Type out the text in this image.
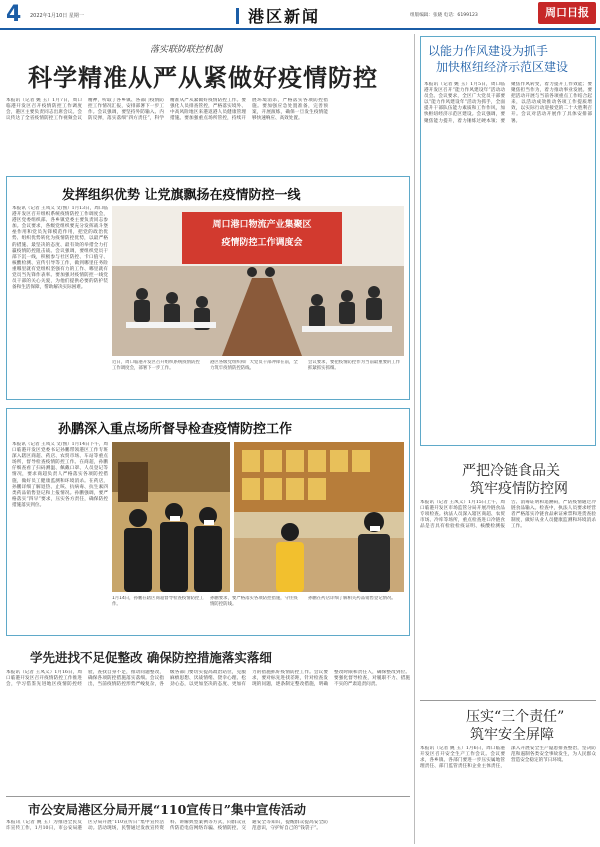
4 2022年1月10日 星期一	港区新闻	组版编辑：张晓 电话：6199123	周口日报
落实联防联控机制
科学精准从严从紧做好疫情防控
本报讯（记者 姚 玉）1月7日，周口临港开发区召开疫情防控工作调度会，港区主要负责同志出席会议。会议传达了全省疫情防控工作视频会议精神，听取了各乡镇、各部门疫情防控工作情况汇报，安排部署下一步工作。会议强调，要坚持外防输入、内防反弹，落实落细“四方责任”，科学精准从严从紧做好疫情防控工作。要强化人员排查管控，严格落实境外、中高风险地区来港返港人员健康管理措施。要加强重点场所管控，持续开展环境消杀，严格落实各项防控措施。要加强应急处置准备，完善预案，开展演练，确保一旦发生疫情能够快速响应、高效处置。
发挥组织优势 让党旗飘扬在疫情防控一线
本报讯（记者 王凤义 文/图）1月13日，周口临港开发区召开组织系统疫情防控工作调度会，港区党委组织部、各乡镇党委主要负责同志参加。会议要求，各级党组织要充分发挥战斗堡垒作用和党员先锋模范作用，把党的政治优势、组织优势转化为疫情防控优势，以最严格的措施、最坚决的态度、最有效的举措全力打赢疫情防控阻击战。会议强调，要组织党员干部下沉一线，积极参与社区防控、卡口值守、核酸检测、宣传引导等工作，做到哪里任务险重哪里就有党组织坚强有力的工作、哪里就有党员当先锋作表率。要加强对疫情防控一线党员干部的关心关爱，为他们提供必要的防护装备和生活保障，帮助解决实际困难。
周口港口物流产业集聚区
疫情防控工作调度会
近日，周口临港开发区召开组织系统疫情防控工作调度会，部署下一步工作。
港区各级党组织和广大党员干部冲锋在前，全力筑牢疫情防控防线。
会议要求，要把疫情防控作为当前最重要的工作抓紧抓实抓细。
孙鹏深入重点场所督导检查疫情防控工作
本报讯（记者 王凤义 文/图）1月14日下午，周口临港开发区党委书记孙鹏带领港区工作专班深入辖区商超、药店、农贸市场、车站等重点场所，督导检查疫情防控工作。在商超，孙鹏仔细查看了扫码测温、佩戴口罩、人员登记等情况，要求商超负责人严格落实各项防控措施，做好员工健康监测和环境消杀。在药店，孙鹏详细了解退热、止咳、抗病毒、抗生素四类药品销售登记和上报情况。孙鹏强调，要严格落实“四早”要求，压实各方责任，确保防控措施落实到位。
1月14日，孙鹏在辖区商超督导检查疫情防控工作。
孙鹏要求，要严格落实各项防控措施，守住疫情防控防线。
孙鹏在药店详细了解相关药品销售登记情况。
学先进找不足促整改 确保防控措施落实落细
本报讯（记者 王凤义）1月16日，周口临港开发区召开疫情防控工作推进会，学习借鉴先进地区疫情防控经验，查找自身不足，推动问题整改，确保各项防控措施落实落细。会议指出，当前疫情防控形势严峻复杂，各级各部门要切实提高政治站位，克服麻痹思想、厌战情绪、侥幸心理、松劲心态，以更加坚决的态度、更加有力的措施抓好疫情防控工作。会议要求，要对标先进找差距，针对检查发现的问题，逐条制定整改措施，明确整改时限和责任人，确保整改到位。要强化督导检查，对履职不力、措施不实的严肃追责问责。
市公安局港区分局开展“110宣传日”集中宣传活动
本报讯（记者 姚 玉）为推进全民反诈宣传工作，1月10日，市公安局港区分局开展“110宣传日”集中宣传活动。活动现场，民警通过发放宣传资料、讲解典型案例等方式，向群众宣传防范电信网络诈骗、疫情防控、交通安全等知识，提醒群众提高安全防范意识，守护好自己的“钱袋子”。
以能力作风建设为抓手
加快枢纽经济示范区建设
本报讯（记者 姚 玉）1月5日，周口临港开发区召开“能力作风建设年”活动动员会。会议要求，全区广大党员干部要以“能力作风建设年”活动为抓手，全面提升干部队伍能力素质和工作作风，加快枢纽经济示范区建设。会议强调，要聚焦能力提升，着力锤炼过硬本领；要聚焦作风转变，着力提升工作效能；要聚焦担当作为，着力推动事业发展。要把活动开展与当前各项重点工作结合起来，以活动成效推动各项工作提质增效，以实际行动迎接党的二十大胜利召开。会议对活动开展作了具体安排部署。
严把冷链食品关
筑牢疫情防控网
本报讯（记者 王凤义）1月15日上午，周口临港开发区市场监管分局开展冷链食品专项检查。执法人员深入辖区商超、农贸市场、冷库等场所，重点检查进口冷链食品是否具有检验检疫证明、核酸检测报告、消毒证明和追溯码，严防疫情通过冷链食品输入。检查中，执法人员要求经营者严格落实冷链食品索证索票和进货查验制度，做好从业人员健康监测和环境消杀工作。
压实“三个责任”
筑牢安全屏障
本报讯（记者 姚 玉）1月6日，周口临港开发区召开安全生产工作会议。会议要求，各乡镇、各部门要进一步压实属地管理责任、部门监管责任和企业主体责任，深入开展安全生产隐患排查整治，坚决防范和遏制各类安全事故发生，为人民群众营造安全稳定的节日环境。
